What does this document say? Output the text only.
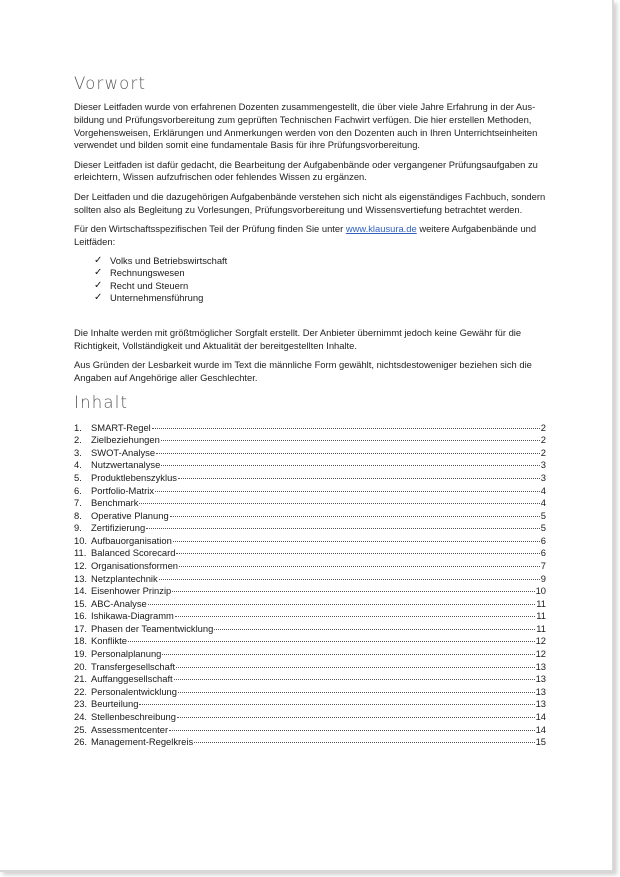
Vorwort

Dieser Leitfaden wurde von erfahrenen Dozenten zusammengestellt, die über viele Jahre Erfahrung in der Aus-bildung und Prüfungsvorbereitung zum geprüften Technischen Fachwirt verfügen. Die hier erstellen Methoden, Vorgehensweisen, Erklärungen und Anmerkungen werden von den Dozenten auch in Ihren Unterrichtseinheiten verwendet und bilden somit eine fundamentale Basis für ihre Prüfungsvorbereitung.

Dieser Leitfaden ist dafür gedacht, die Bearbeitung der Aufgabenbände oder vergangener Prüfungsaufgaben zu erleichtern, Wissen aufzufrischen oder fehlendes Wissen zu ergänzen.

Der Leitfaden und die dazugehörigen Aufgabenbände verstehen sich nicht als eigenständiges Fachbuch, sondern sollten also als Begleitung zu Vorlesungen, Prüfungsvorbereitung und Wissensvertiefung betrachtet werden.

Für den Wirtschaftsspezifischen Teil der Prüfung finden Sie unter www.klausura.de weitere Aufgabenbände und Leitfäden:

✓ Volks und Betriebswirtschaft
✓ Rechnungswesen
✓ Recht und Steuern
✓ Unternehmensführung

Die Inhalte werden mit größtmöglicher Sorgfalt erstellt. Der Anbieter übernimmt jedoch keine Gewähr für die Richtigkeit, Vollständigkeit und Aktualität der bereitgestellten Inhalte.

Aus Gründen der Lesbarkeit wurde im Text die männliche Form gewählt, nichtsdestoweniger beziehen sich die Angaben auf Angehörige aller Geschlechter.

Inhalt
1. SMART-Regel	2
2. Zielbeziehungen	2
3. SWOT-Analyse	2
4. Nutzwertanalyse	3
5. Produktlebenszyklus	3
6. Portfolio-Matrix	4
7. Benchmark	4
8. Operative Planung	5
9. Zertifizierung	5
10. Aufbauorganisation	6
11. Balanced Scorecard	6
12. Organisationsformen	7
13. Netzplantechnik	9
14. Eisenhower Prinzip	10
15. ABC-Analyse	11
16. Ishikawa-Diagramm	11
17. Phasen der Teamentwicklung	11
18. Konflikte	12
19. Personalplanung	12
20. Transfergesellschaft	13
21. Auffanggesellschaft	13
22. Personalentwicklung	13
23. Beurteilung	13
24. Stellenbeschreibung	14
25. Assessmentcenter	14
26. Management-Regelkreis	15
